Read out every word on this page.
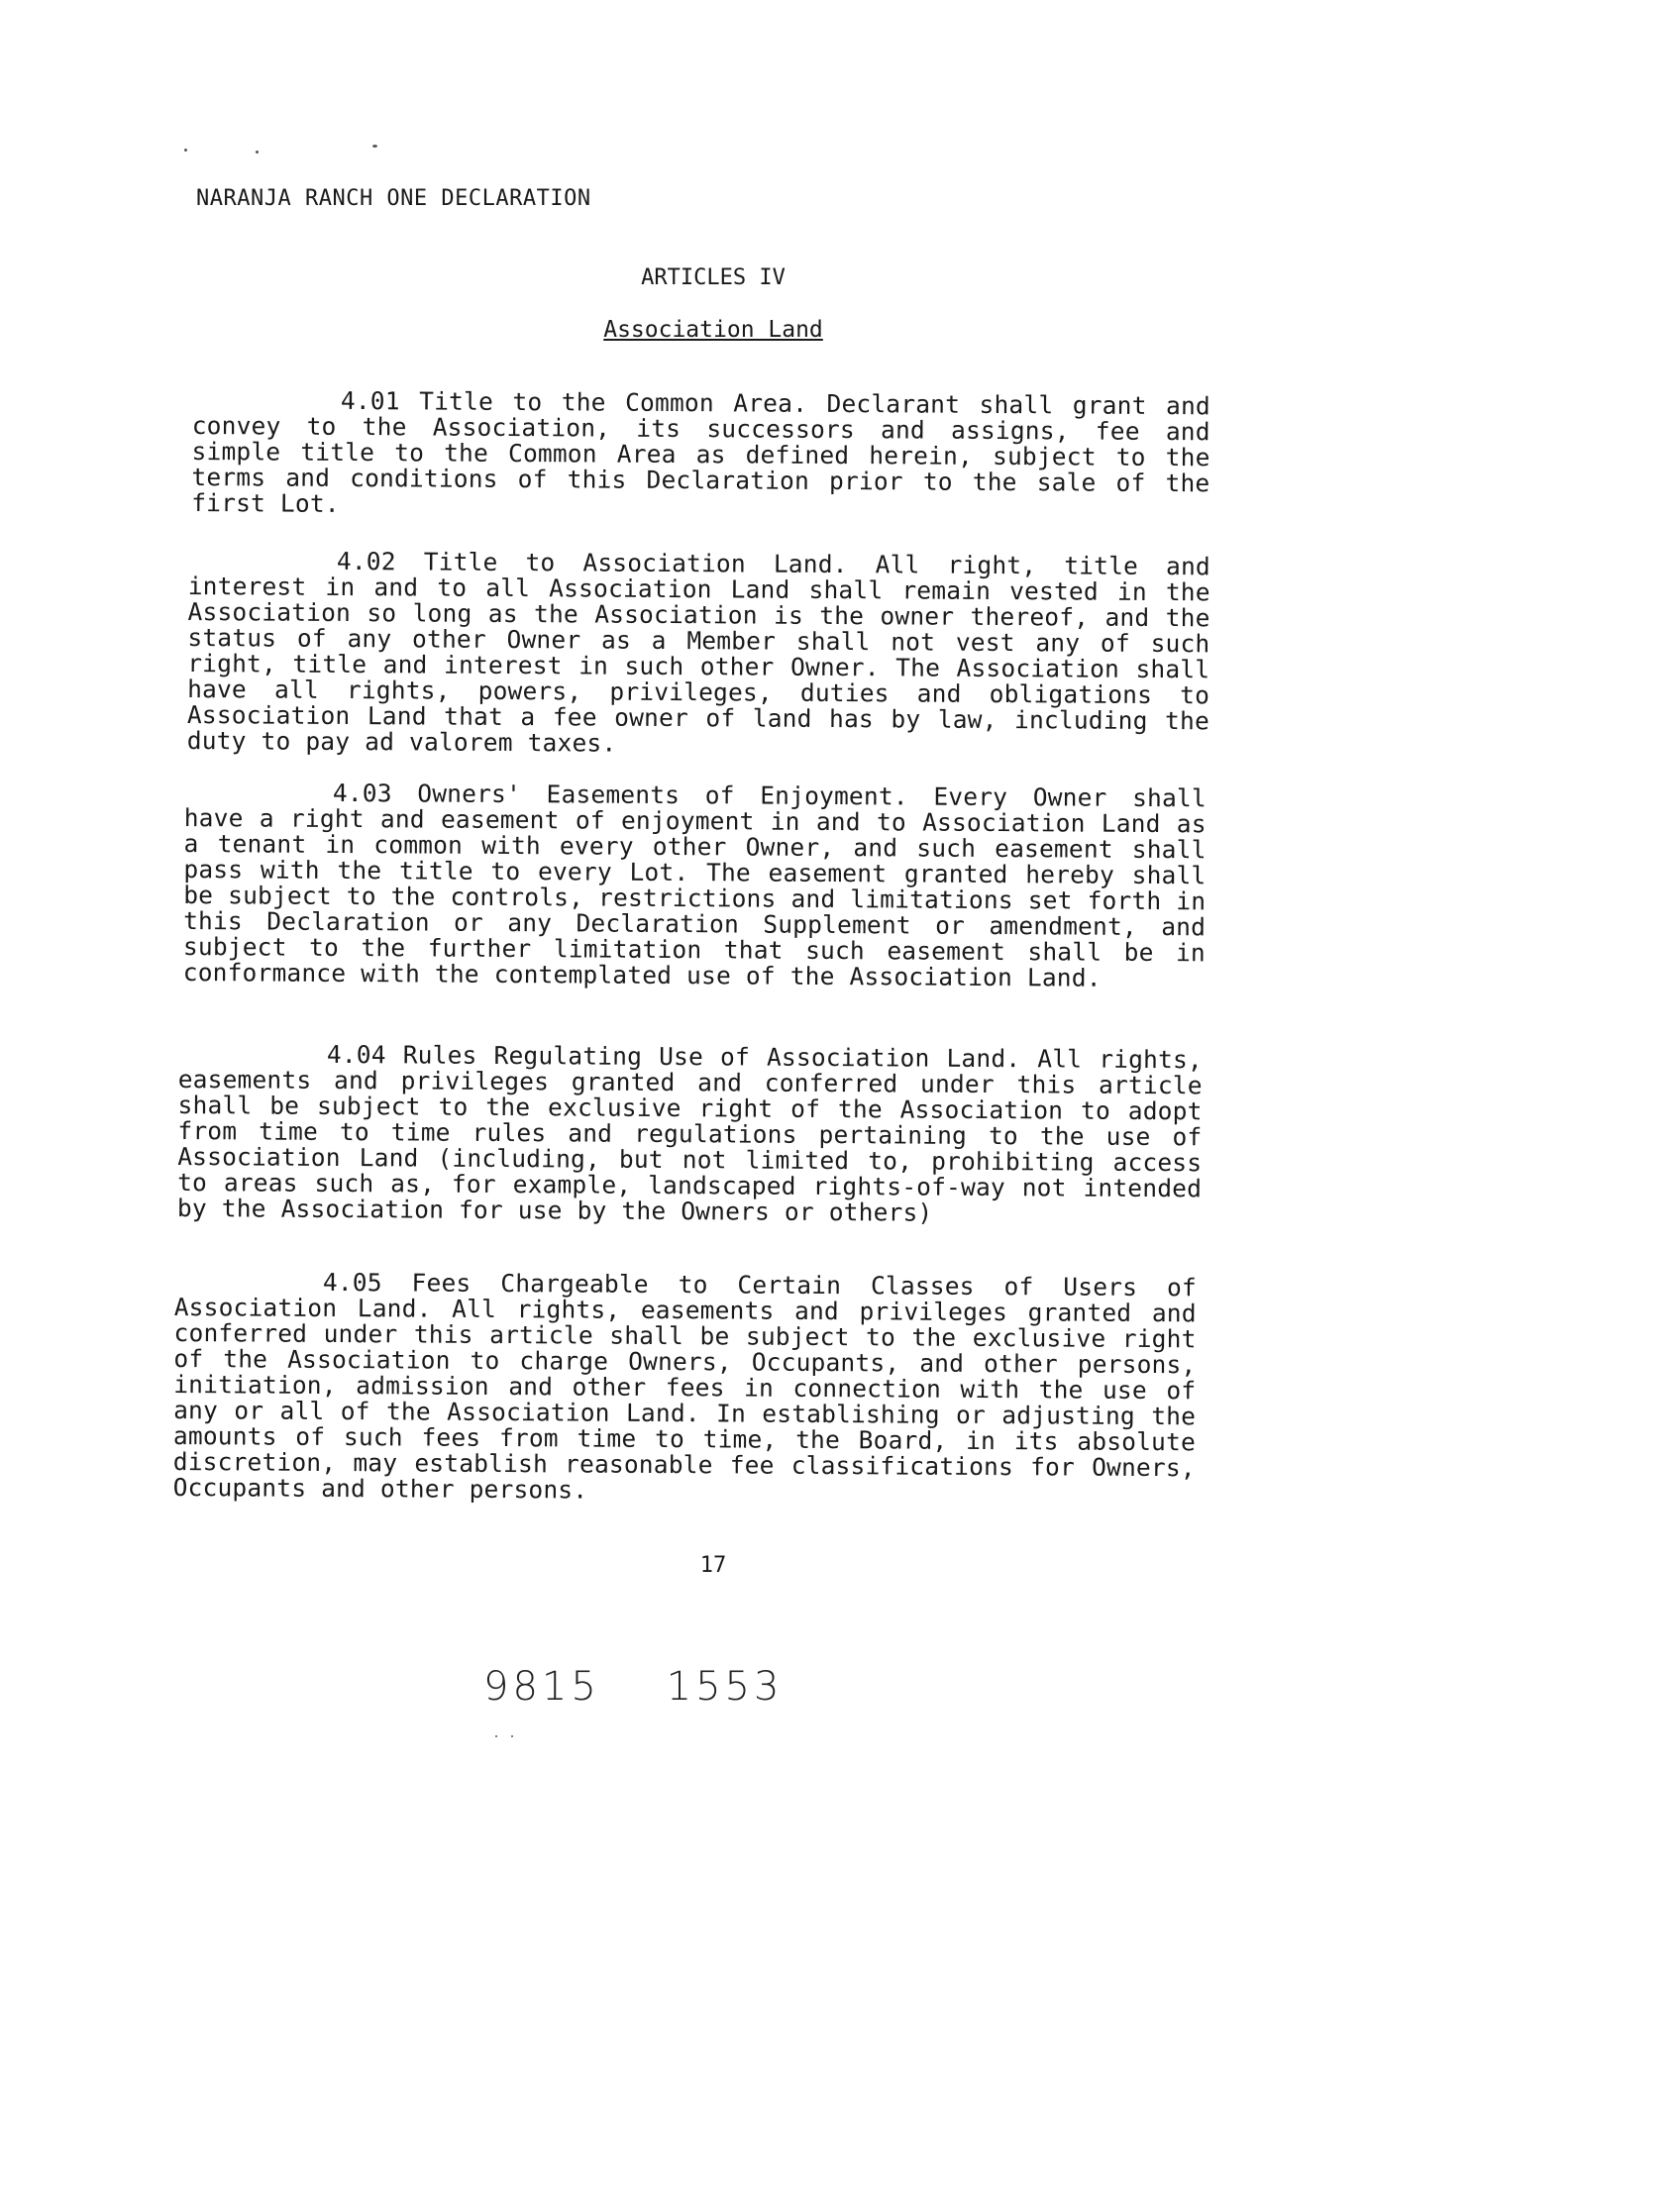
NARANJA RANCH ONE DECLARATION
ARTICLES IV
Association Land

4.01 Title to the Common Area. Declarant shall grant and convey to the Association, its successors and assigns, fee and simple title to the Common Area as defined herein, subject to the terms and conditions of this Declaration prior to the sale of the first Lot.

4.02 Title to Association Land. All right, title and interest in and to all Association Land shall remain vested in the Association so long as the Association is the owner thereof, and the status of any other Owner as a Member shall not vest any of such right, title and interest in such other Owner. The Association shall have all rights, powers, privileges, duties and obligations to Association Land that a fee owner of land has by law, including the duty to pay ad valorem taxes.

4.03 Owners' Easements of Enjoyment. Every Owner shall have a right and easement of enjoyment in and to Association Land as a tenant in common with every other Owner, and such easement shall pass with the title to every Lot. The easement granted hereby shall be subject to the controls, restrictions and limitations set forth in this Declaration or any Declaration Supplement or amendment, and subject to the further limitation that such easement shall be in conformance with the contemplated use of the Association Land.

4.04 Rules Regulating Use of Association Land. All rights, easements and privileges granted and conferred under this article shall be subject to the exclusive right of the Association to adopt from time to time rules and regulations pertaining to the use of Association Land (including, but not limited to, prohibiting access to areas such as, for example, landscaped rights-of-way not intended by the Association for use by the Owners or others)

4.05 Fees Chargeable to Certain Classes of Users of Association Land. All rights, easements and privileges granted and conferred under this article shall be subject to the exclusive right of the Association to charge Owners, Occupants, and other persons, initiation, admission and other fees in connection with the use of any or all of the Association Land. In establishing or adjusting the amounts of such fees from time to time, the Board, in its absolute discretion, may establish reasonable fee classifications for Owners, Occupants and other persons.

17
9815    1553
